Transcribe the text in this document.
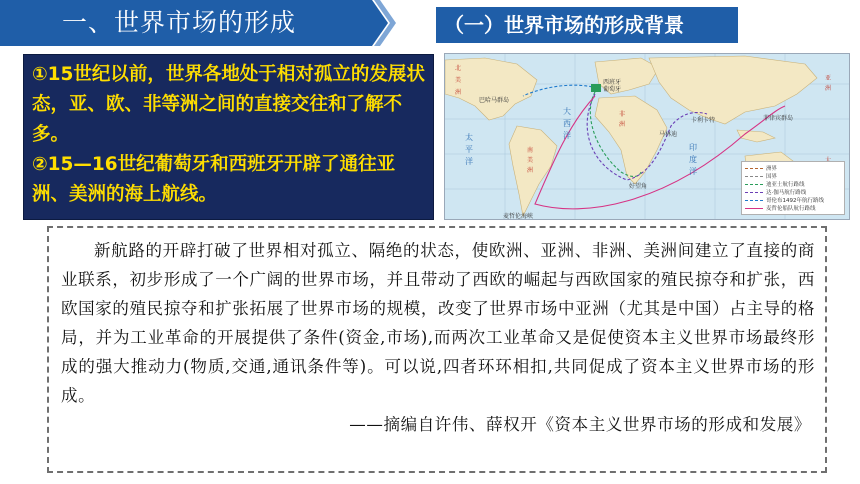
一、世界市场的形成	（一）世界市场的形成背景

①15世纪以前，世界各地处于相对孤立的发展状态，亚、欧、非等洲之间的直接交往和了解不多。

②15—16世纪葡萄牙和西班牙开辟了通往亚洲、美洲的海上航线。

北
美
洲
南
美
洲
非
洲
亚
洲
西班牙
葡萄牙
巴哈马群岛
马林迪
卡利卡特
好望角
菲律宾群岛
麦哲伦海峡
大
西
洋
太
平
洋
印
度
洋	洲界
国界
迪亚士航行路线
达·伽马航行路线
哥伦布1492年航行路线
麦哲伦船队航行路线

新航路的开辟打破了世界相对孤立、隔绝的状态，使欧洲、亚洲、非洲、美洲间建立了直接的商业联系，初步形成了一个广阔的世界市场，并且带动了西欧的崛起与西欧国家的殖民掠夺和扩张，西欧国家的殖民掠夺和扩张拓展了世界市场的规模，改变了世界市场中亚洲（尤其是中国）占主导的格局，并为工业革命的开展提供了条件(资金,市场),而两次工业革命又是促使资本主义世界市场最终形成的强大推动力(物质,交通,通讯条件等)。可以说,四者环环相扣,共同促成了资本主义世界市场的形成。

——摘编自许伟、薛权开《资本主义世界市场的形成和发展》
